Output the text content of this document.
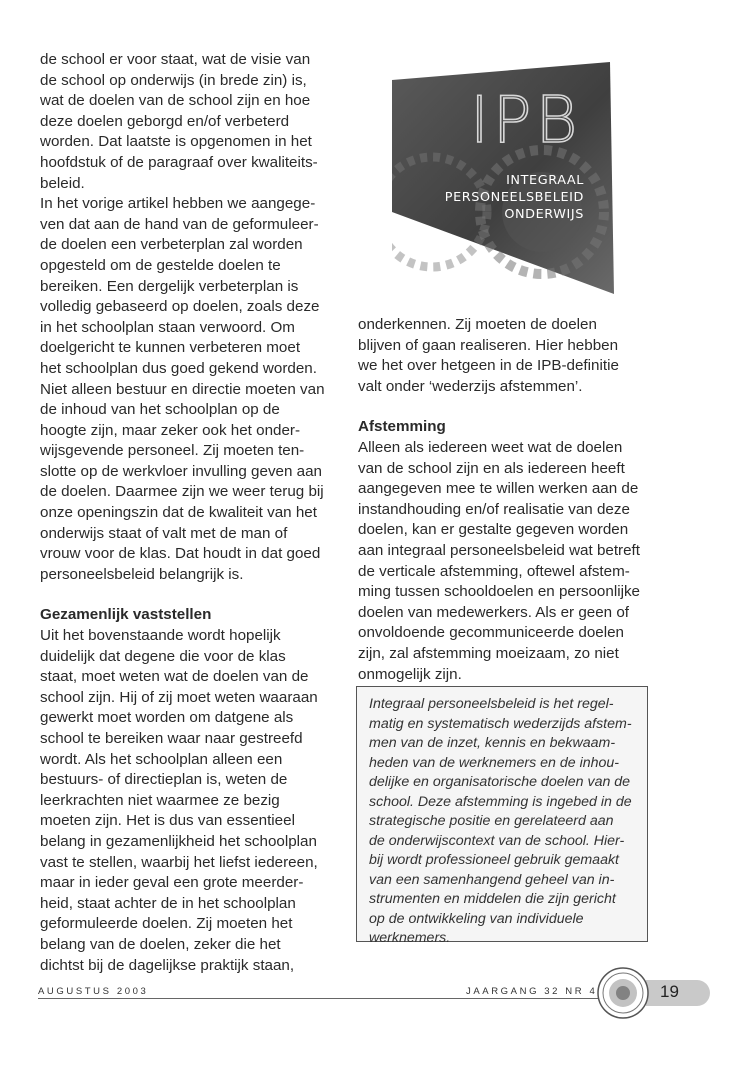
de school er voor staat, wat de visie van
de school op onderwijs (in brede zin) is,
wat de doelen van de school zijn en hoe
deze doelen geborgd en/of verbeterd
worden. Dat laatste is opgenomen in het
hoofdstuk of de paragraaf over kwaliteits-
beleid.

In het vorige artikel hebben we aangege-
ven dat aan de hand van de geformuleer-
de doelen een verbeterplan zal worden
opgesteld om de gestelde doelen te
bereiken. Een dergelijk verbeterplan is
volledig gebaseerd op doelen, zoals deze
in het schoolplan staan verwoord. Om
doelgericht te kunnen verbeteren moet
het schoolplan dus goed gekend worden.
Niet alleen bestuur en directie moeten van
de inhoud van het schoolplan op de
hoogte zijn, maar zeker ook het onder-
wijsgevende personeel. Zij moeten ten-
slotte op de werkvloer invulling geven aan
de doelen. Daarmee zijn we weer terug bij
onze openingszin dat de kwaliteit van het
onderwijs staat of valt met de man of
vrouw voor de klas. Dat houdt in dat goed
personeelsbeleid belangrijk is.

Gezamenlijk vaststellen

Uit het bovenstaande wordt hopelijk
duidelijk dat degene die voor de klas
staat, moet weten wat de doelen van de
school zijn. Hij of zij moet weten waaraan
gewerkt moet worden om datgene als
school te bereiken waar naar gestreefd
wordt. Als het schoolplan alleen een
bestuurs- of directieplan is, weten de
leerkrachten niet waarmee ze bezig
moeten zijn. Het is dus van essentieel
belang in gezamenlijkheid het schoolplan
vast te stellen, waarbij het liefst iedereen,
maar in ieder geval een grote meerder-
heid, staat achter de in het schoolplan
geformuleerde doelen. Zij moeten het
belang van de doelen, zeker die het
dichtst bij de dagelijkse praktijk staan,

IPB
INTEGRAAL
PERSONEELSBELEID
ONDERWIJS

onderkennen. Zij moeten de doelen
blijven of gaan realiseren. Hier hebben
we het over hetgeen in de IPB-definitie
valt onder ‘wederzijs afstemmen’.

Afstemming

Alleen als iedereen weet wat de doelen
van de school zijn en als iedereen heeft
aangegeven mee te willen werken aan de
instandhouding en/of realisatie van deze
doelen, kan er gestalte gegeven worden
aan integraal personeelsbeleid wat betreft
de verticale afstemming, oftewel afstem-
ming tussen schooldoelen en persoonlijke
doelen van medewerkers. Als er geen of
onvoldoende gecommuniceerde doelen
zijn, zal afstemming moeizaam, zo niet
onmogelijk zijn.

Integraal personeelsbeleid is het regel-
matig en systematisch wederzijds afstem-
men van de inzet, kennis en bekwaam-
heden van de werknemers en de inhou-
delijke en organisatorische doelen van de
school. Deze afstemming is ingebed in de
strategische positie en gerelateerd aan
de onderwijscontext van de school. Hier-
bij wordt professioneel gebruik gemaakt
van een samenhangend geheel van in-
strumenten en middelen die zijn gericht
op de ontwikkeling van individuele
werknemers.

AUGUSTUS 2003	JAARGANG 32 NR 4	19
